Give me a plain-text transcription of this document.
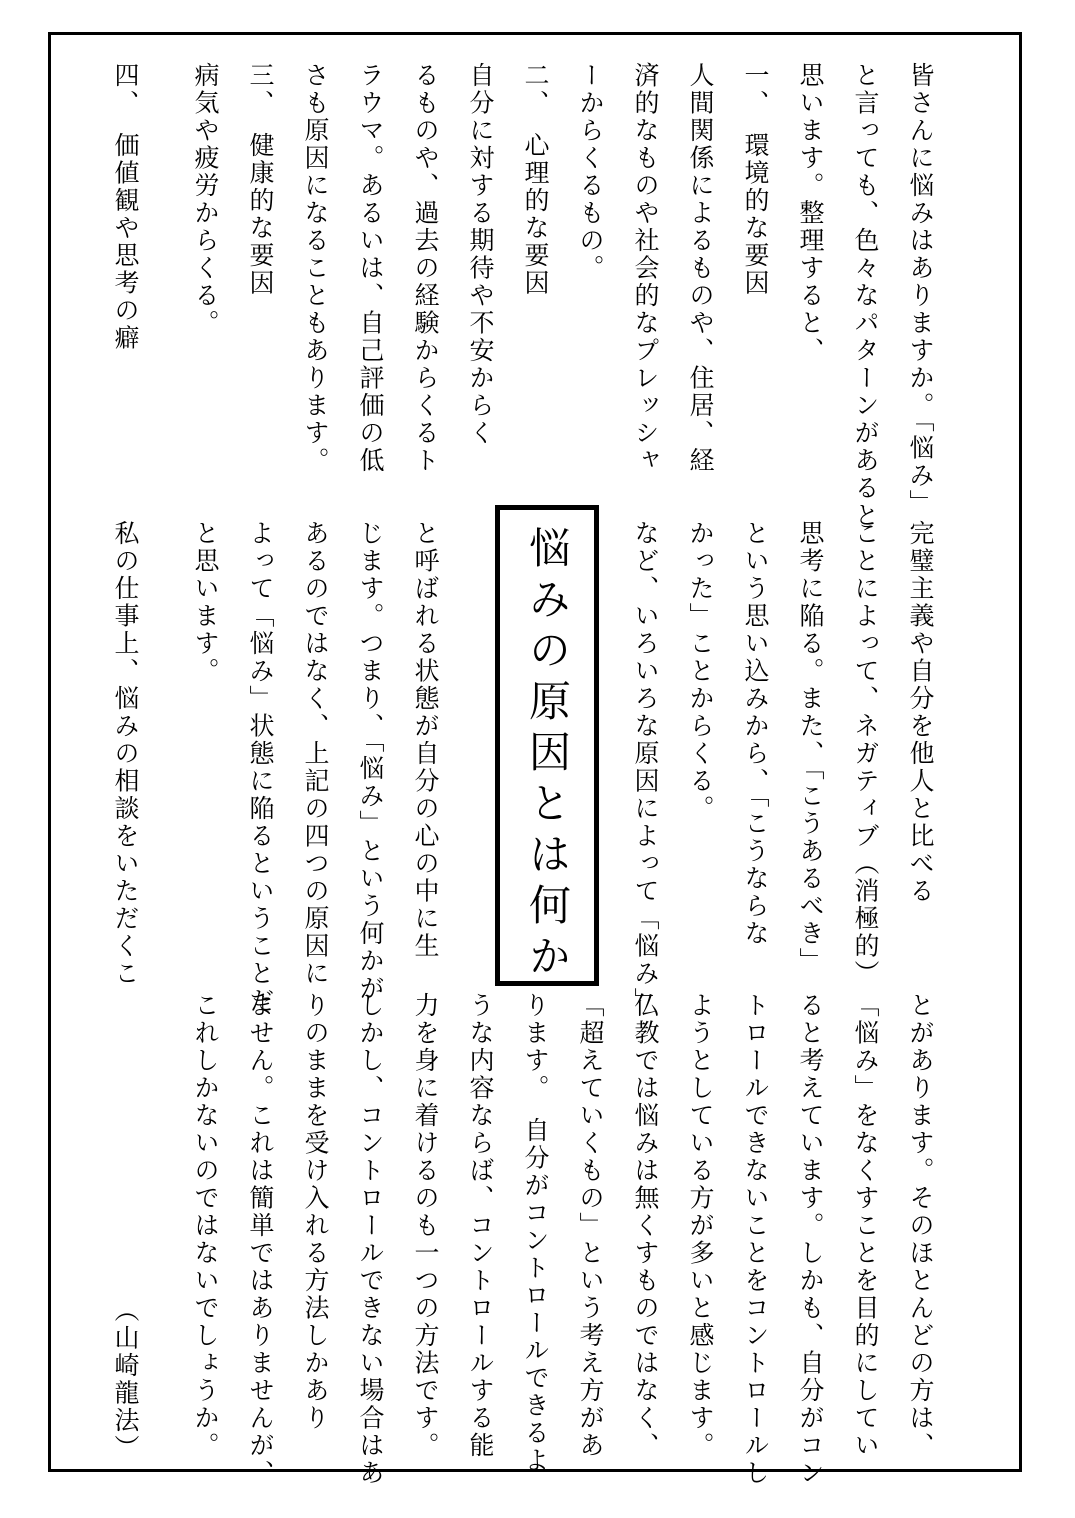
皆さんに悩みはありますか。「悩み」
完璧主義や自分を他人と比べる
とがあります。そのほとんどの方は、
と言っても、色々なパターンがあると
ことによって、ネガティブ（消極的）
「悩み」をなくすことを目的にしてい
思います。整理すると、
思考に陥る。また、「こうあるべき」
ると考えています。しかも、自分がコン
一、　環境的な要因
という思い込みから、「こうならな
トロールできないことをコントロールし
人間関係によるものや、住居、経
かった」ことからくる。
ようとしている方が多いと感じます。
済的なものや社会的なプレッシャ
など、いろいろな原因によって「悩み」
仏教では悩みは無くすものではなく、
ーからくるもの。
「超えていくもの」という考え方があ
二、　心理的な要因
ります。　自分がコントロールできるよ
自分に対する期待や不安からく
うな内容ならば、コントロールする能
るものや、過去の経験からくるト
と呼ばれる状態が自分の心の中に生
力を身に着けるのも一つの方法です。
ラウマ。あるいは、自己評価の低
じます。つまり、「悩み」という何かが
しかし、コントロールできない場合はあ
さも原因になることもあります。
あるのではなく、上記の四つの原因に
りのままを受け入れる方法しかあり
三、　健康的な要因
よって「悩み」状態に陥るということだ
ません。これは簡単ではありませんが、
病気や疲労からくる。
と思います。
これしかないのではないでしょうか。
四、　価値観や思考の癖
私の仕事上、悩みの相談をいただくこ
（山崎龍法）
悩みの原因とは何か
